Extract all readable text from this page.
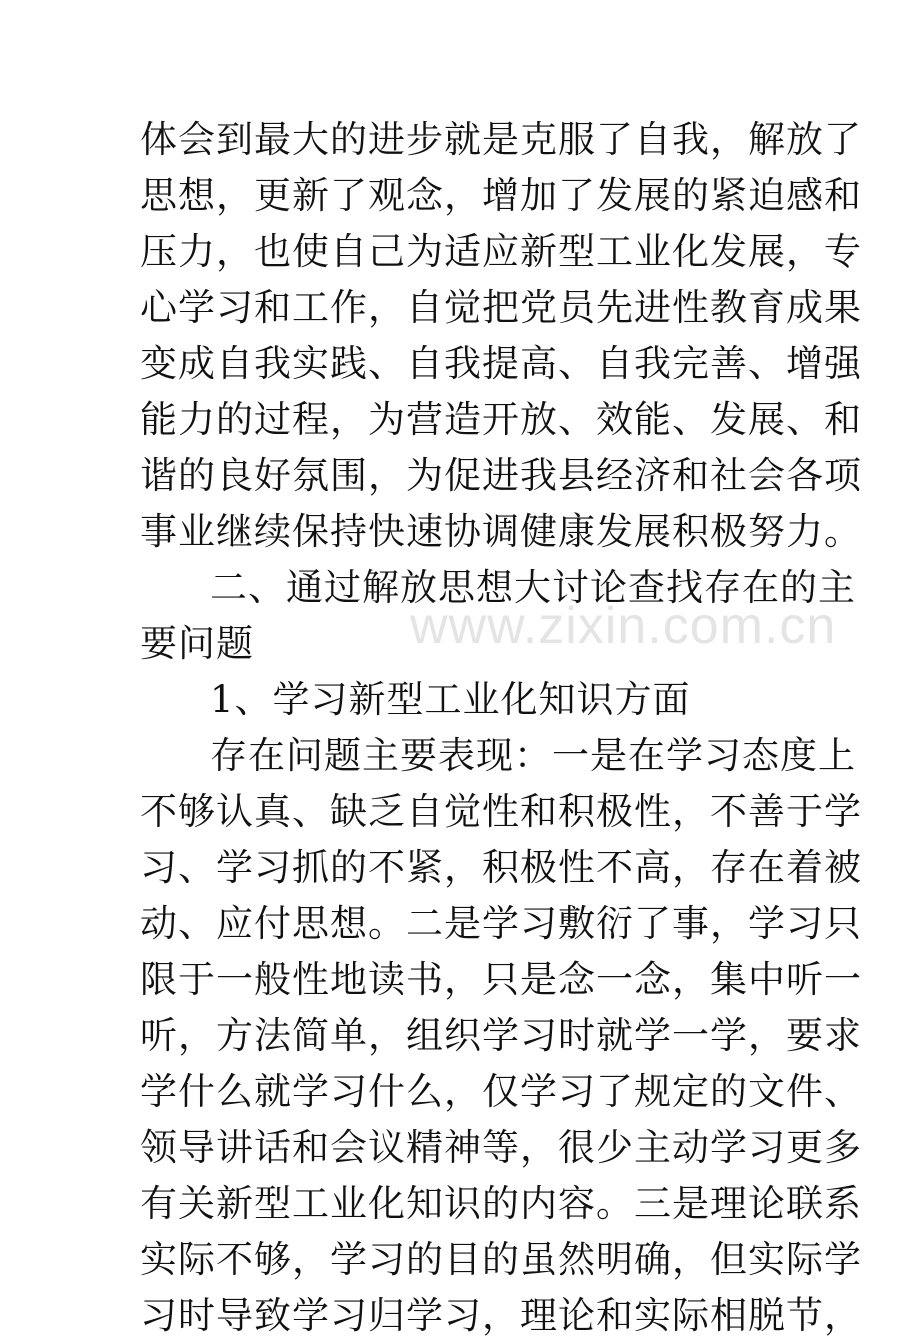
体会到最大的进步就是克服了自我，解放了
思想，更新了观念，增加了发展的紧迫感和
压力，也使自己为适应新型工业化发展，专
心学习和工作，自觉把党员先进性教育成果
变成自我实践、自我提高、自我完善、增强
能力的过程，为营造开放、效能、发展、和
谐的良好氛围，为促进我县经济和社会各项
事业继续保持快速协调健康发展积极努力。
二、通过解放思想大讨论查找存在的主
要问题
1、学习新型工业化知识方面
存在问题主要表现：一是在学习态度上
不够认真、缺乏自觉性和积极性，不善于学
习、学习抓的不紧，积极性不高，存在着被
动、应付思想。二是学习敷衍了事，学习只
限于一般性地读书，只是念一念，集中听一
听，方法简单，组织学习时就学一学，要求
学什么就学习什么，仅学习了规定的文件、
领导讲话和会议精神等，很少主动学习更多
有关新型工业化知识的内容。三是理论联系
实际不够，学习的目的虽然明确，但实际学
习时导致学习归学习，理论和实际相脱节，
www.zixin.com.cn
